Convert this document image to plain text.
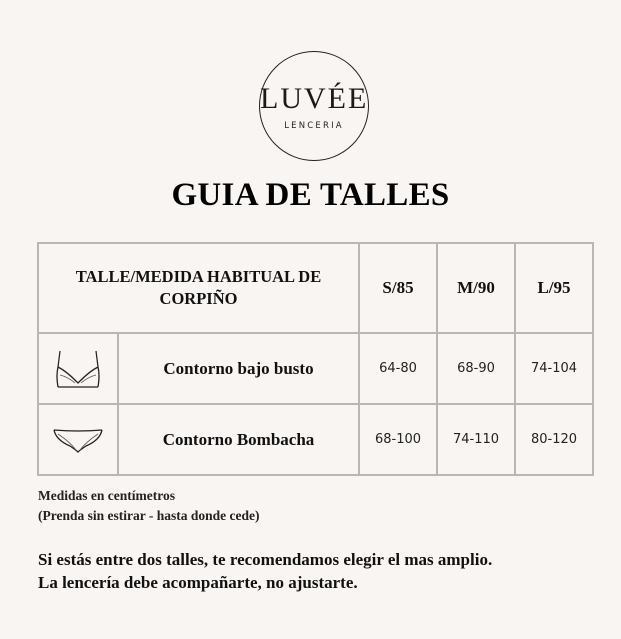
LUVÉE
LENCERIA
GUIA DE TALLES
TALLE/MEDIDA HABITUAL DE CORPIÑO		S/85	M/90	L/95

	Contorno bajo busto	64-80	68-90	74-104

	Contorno Bombacha	68-100	74-110	80-120
Medidas en centímetros
(Prenda sin estirar - hasta donde cede)
Si estás entre dos talles, te recomendamos elegir el mas amplio.
La lencería debe acompañarte, no ajustarte.
